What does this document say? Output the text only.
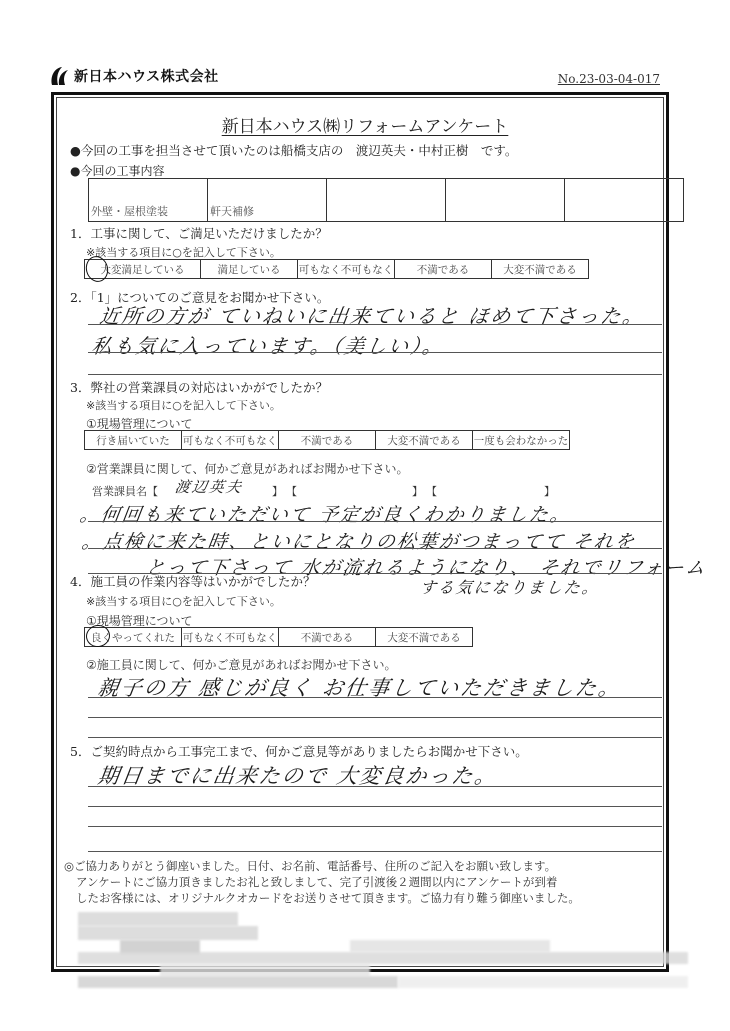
新日本ハウス株式会社	No.23-03-04-017
新日本ハウス㈱リフォームアンケート
●今回の工事を担当させて頂いたのは船橋支店の　渡辺英夫・中村正樹　です。
●今回の工事内容
外壁・屋根塗装	軒天補修			
1．工事に関して、ご満足いただけましたか？
※該当する項目に○を記入して下さい。
大変満足している	満足している	可もなく不可もなく	不満である	大変不満である
2．「1」についてのご意見をお聞かせ下さい。
近所の方が ていねいに出来ていると ほめて下さった。
私も気に入っています。（美しい）。
3．弊社の営業課員の対応はいかがでしたか？
※該当する項目に○を記入して下さい。
①現場管理について
行き届いていた	可もなく不可もなく	不満である	大変不満である	一度も会わなかった
②営業課員に関して、何かご意見があればお聞かせ下さい。
営業課員名【 渡辺英夫	】 【	】 【	】
。何回も来ていただいて 予定が良くわかりました。
。点検に来た時、といにとなりの松葉がつまってて それを
とって下さって 水が流れるようになり、 それでリフォーム
する気になりました。
4．施工員の作業内容等はいかがでしたか？
※該当する項目に○を記入して下さい。
①現場管理について
良くやってくれた	可もなく不可もなく	不満である	大変不満である
②施工員に関して、何かご意見があればお聞かせ下さい。
親子の方 感じが良く お仕事していただきました。
5．ご契約時点から工事完工まで、何かご意見等がありましたらお聞かせ下さい。
期日までに出来たので 大変良かった。
◎ご協力ありがとう御座いました。日付、お名前、電話番号、住所のご記入をお願い致します。
アンケートにご協力頂きましたお礼と致しまして、完了引渡後２週間以内にアンケートが到着
したお客様には、オリジナルクオカードをお送りさせて頂きます。ご協力有り難う御座いました。
